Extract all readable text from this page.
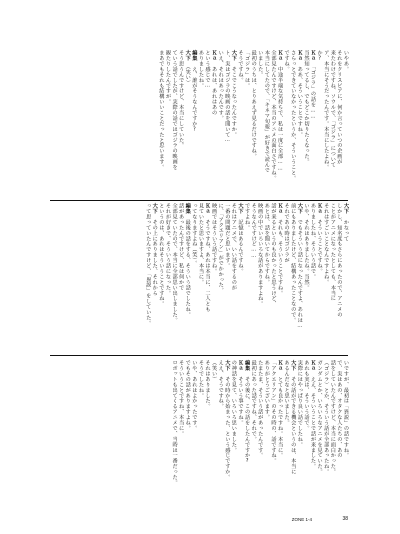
いやあ。
それをクリスピアに、何か言っていつの企画が
来たわけですね、ソウルで、「ゴジラ」について
ア、本当にそうだったんです。本当にしたよね。
か?
Ｋａ　「ゴジラ」の話を……
当然知ってるし、でもどこか切りたくなった。
Ｋａ　ああ、そういうことですね。
さらっとできていなかったというか、そういうこと。
ですね。
Ｋａ　中途半端な気持ちで、私は一度に全部……
全部見たんですけど、本当のアニメの面白さですね。
本当にしてたので、「キネマ旬報」が好きで読んで
いました。
最初のうちは、とりあえず見るだけですね。
「ゴジラ」は。
そうですね。
大下　そこでこうなったんですか。
ト、実はゴジラの映画の話を聞いて…
いえ、それはあったんです。
Ｋａ　あれは、あれはあの
という感じで…
ありましたね。
編集　え、誰がそうなんですか?
大下　（笑い）
そう思うんですけど、本当にしていた。
ていう話でしたが、実際の話ではゴジラの映画を
観たりしたんですが。
まあでもそれも結構いいことだったと思います。
大下　かなって
しかし、知名度もさらにあったので、アニメの
ことがアニメになったとしても、本当に
それはすごいことなんですよね。
Ｋａ　そういうことですね。
ありましたね、そういう話で。
いや、それはありましたね。当然。
大下　でもそういう話になったんですよ、あれは…
前にもありましたけど、結構あったことなので。
それであの時はゴジラが
Ｋａ　それも、そういうことですね。
話が来るというのも良かったと思うけど、
あとは、話を聞いてからですね。
映画の中でいろいろな話がありますよね。
そうなんですけど……
ですよね。
大下　記憶はあるんですね。
それはアニメで、いい話をするのが
一番の問題だと思います。
に、「アクエリアン」がでかかった。
映画ではそういう話ですね。
Ｋａ　そうですね、あれは本当に、二人とも
見ていたと思いますよ、本当に。
ってなりますよね（笑）。
編集　最後の話をする、そういう話でしたね。
話があったんですけど、私は何かで
全部見ていたので、本当に全部思い出しました。
それが好きで、そういう話になった。
というのは、あれはそういうことですね。
大下　その上にありました、それから
って思っていたんですけど、「異説」をしていた。
いですが、最初は「異説」の話ですね。
で、実はあの、オタクな人たちの、あの
話をしていたんですけど、本当に面白かった。
（ゴジラ）とか、そういう話が全部あったね。
ガンダムとか、いろいろなアニメを見ていた。
Ｋａ　ええ、そういうことで話が来ました。
あれも実は、そういう話で。
実際にはやっぱり良い話でしたね。
大下　その話ができる機会というのは、本当に
あるんだなと思いました。
Ｋａ　とても良かったですね。本当に。
「アクエリアン」のその時の、話ですね。
ありがとうございます。
たまたま、そういう話があったんです。
最初にあった話ですね、それで。
編集　その後に、この話をしたんですか?
Ｋａ　そういう事ですね。
の神話を見て、いろいろ思いました。
大下　その時から始まった、という感じですか。
ええ、そうですね。
（笑い）
それはありました。
そうでしたね。
いや、あれはよかったです。
でもその話がありますよね。
そういうことですね、本当に。
ロボットも出てくるアニメで、当時は一番だった。
ZONE 1-4	38
